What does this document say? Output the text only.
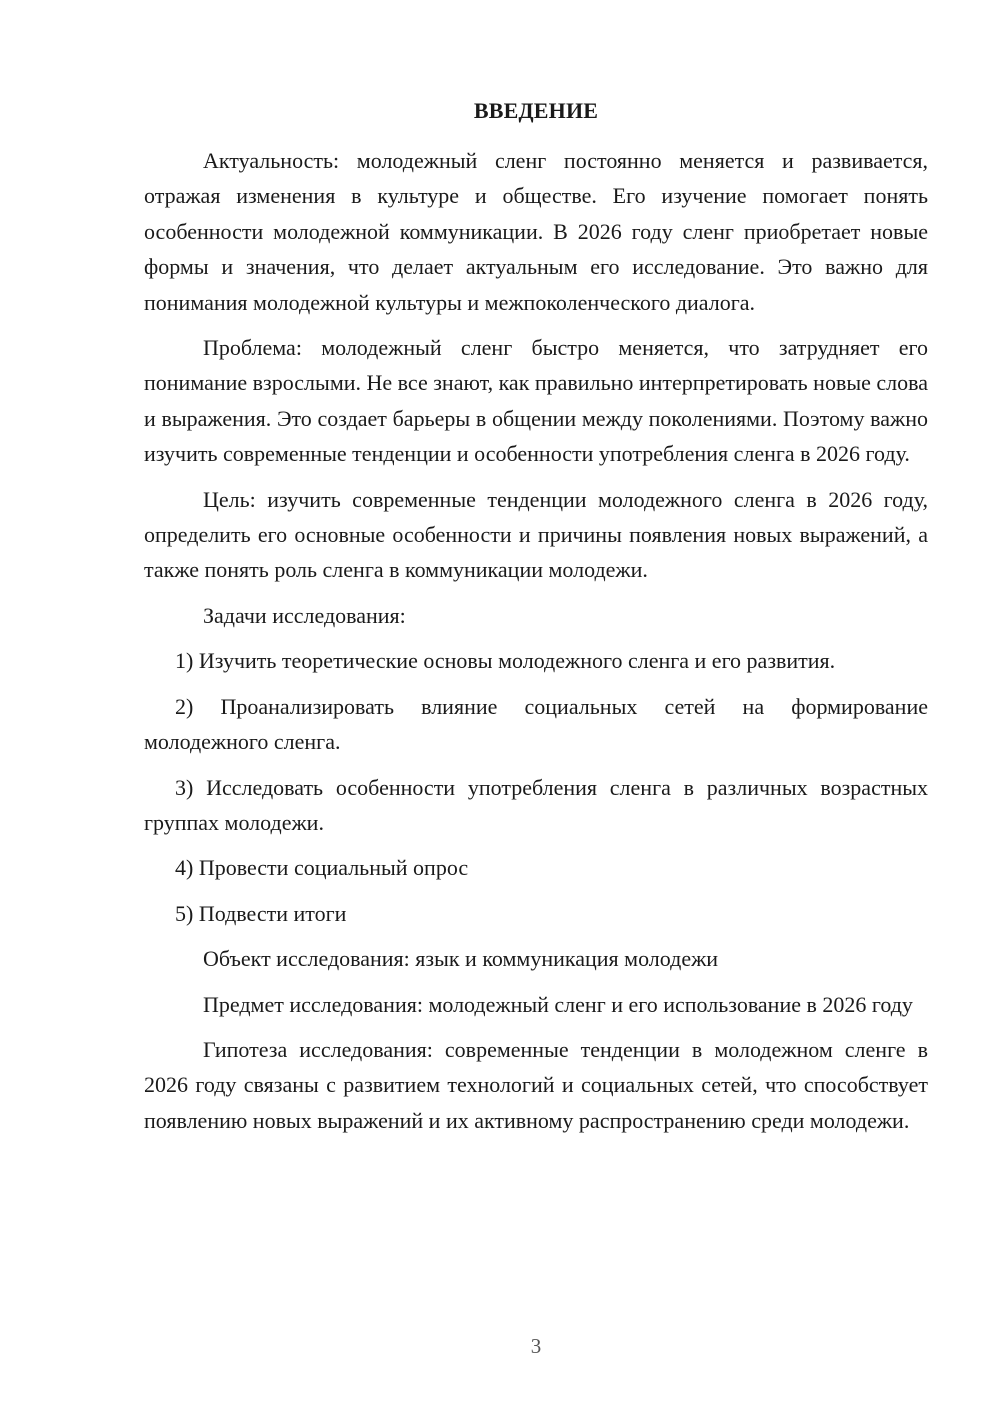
ВВЕДЕНИЕ

Актуальность: молодежный сленг постоянно меняется и развивается, отражая изменения в культуре и обществе. Его изучение помогает понять особенности молодежной коммуникации. В 2026 году сленг приобретает новые формы и значения, что делает актуальным его исследование. Это важно для понимания молодежной культуры и межпоколенческого диалога.

Проблема: молодежный сленг быстро меняется, что затрудняет его понимание взрослыми. Не все знают, как правильно интерпретировать новые слова и выражения. Это создает барьеры в общении между поколениями. Поэтому важно изучить современные тенденции и особенности употребления сленга в 2026 году.

Цель: изучить современные тенденции молодежного сленга в 2026 году, определить его основные особенности и причины появления новых выражений, а также понять роль сленга в коммуникации молодежи.

Задачи исследования:

1) Изучить теоретические основы молодежного сленга и его развития.

2) Проанализировать влияние социальных сетей на формирование молодежного сленга.

3) Исследовать особенности употребления сленга в различных возрастных группах молодежи.

4) Провести социальный опрос

5) Подвести итоги

Объект исследования: язык и коммуникация молодежи

Предмет исследования: молодежный сленг и его использование в 2026 году

Гипотеза исследования: современные тенденции в молодежном сленге в 2026 году связаны с развитием технологий и социальных сетей, что способствует появлению новых выражений и их активному распространению среди молодежи.

3
